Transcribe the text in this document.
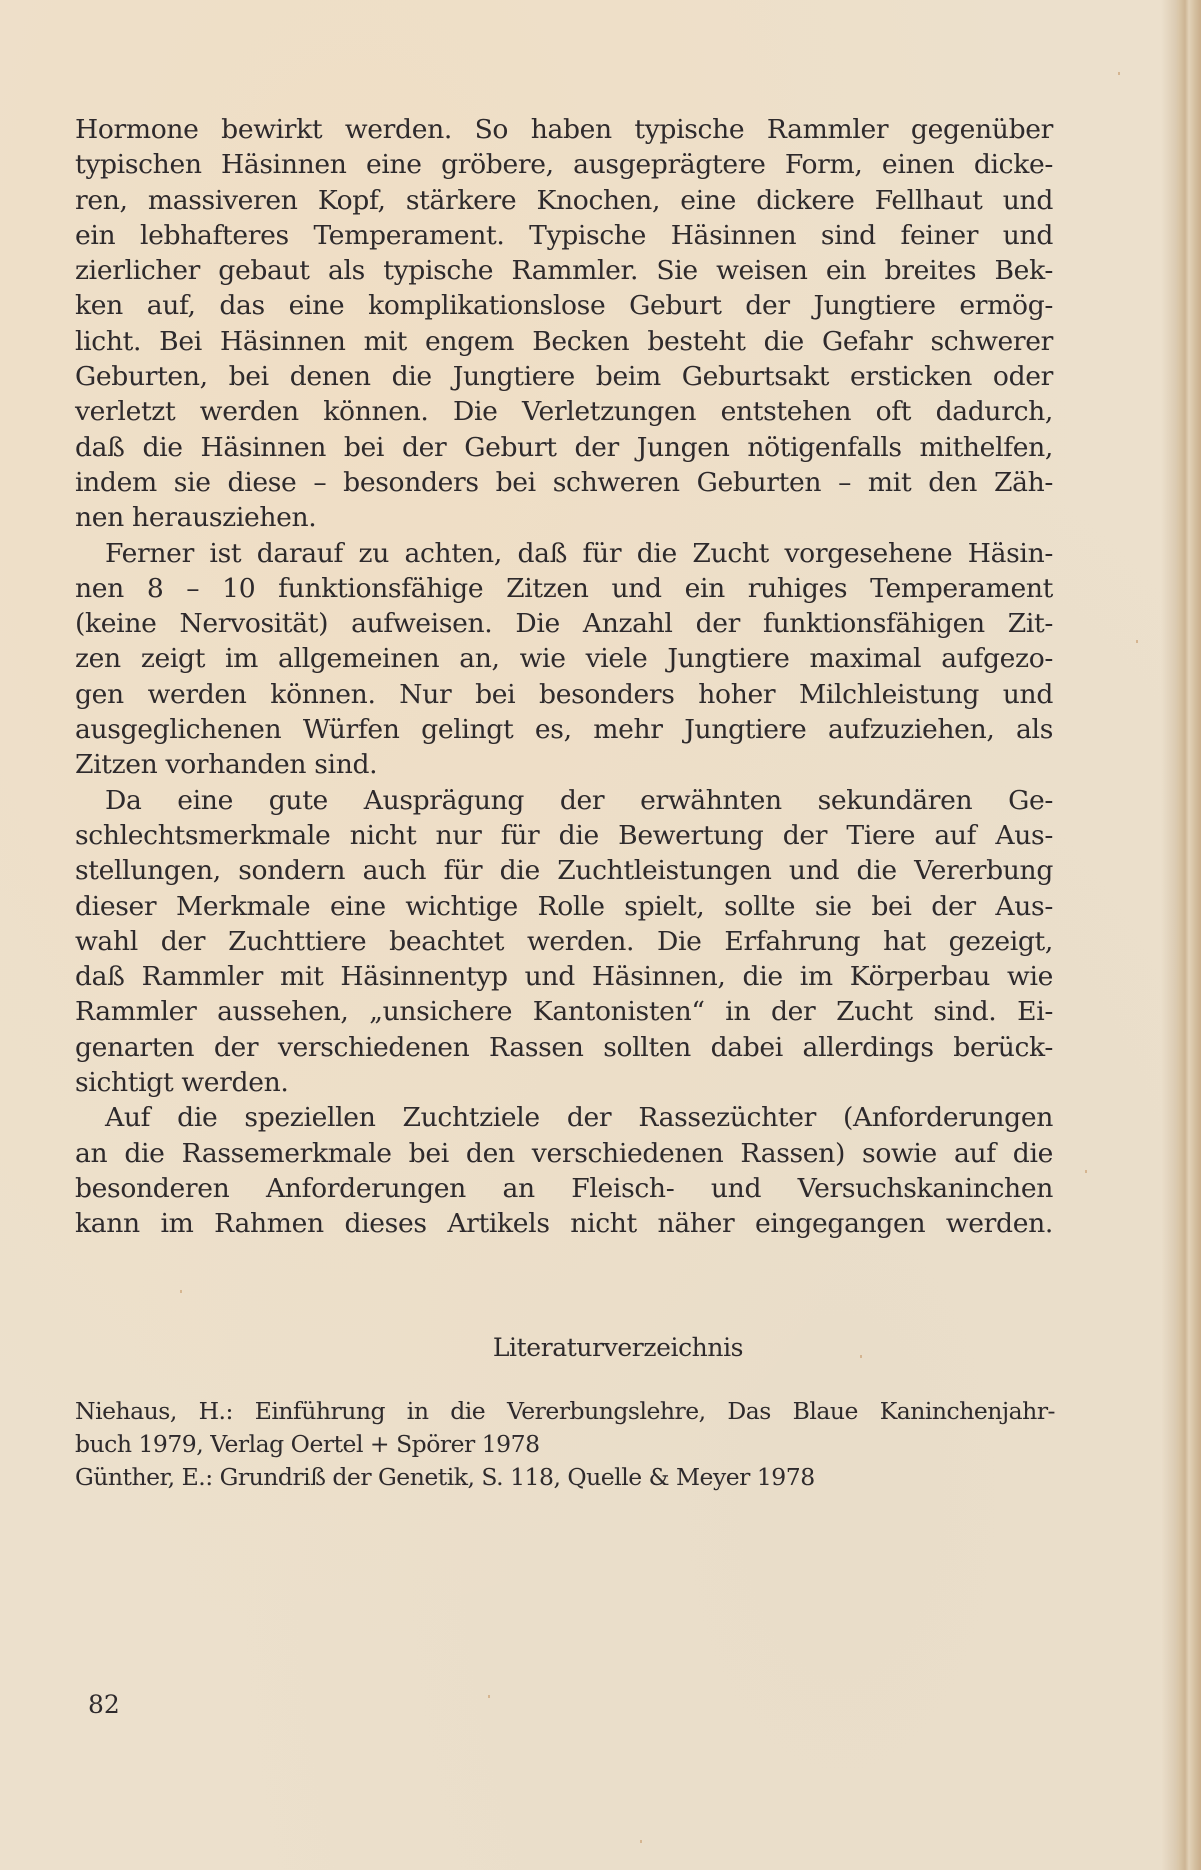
Hormone bewirkt werden. So haben typische Rammler gegenüber
typischen Häsinnen eine gröbere, ausgeprägtere Form, einen dicke-
ren, massiveren Kopf, stärkere Knochen, eine dickere Fellhaut und
ein lebhafteres Temperament. Typische Häsinnen sind feiner und
zierlicher gebaut als typische Rammler. Sie weisen ein breites Bek-
ken auf, das eine komplikationslose Geburt der Jungtiere ermög-
licht. Bei Häsinnen mit engem Becken besteht die Gefahr schwerer
Geburten, bei denen die Jungtiere beim Geburtsakt ersticken oder
verletzt werden können. Die Verletzungen entstehen oft dadurch,
daß die Häsinnen bei der Geburt der Jungen nötigenfalls mithelfen,
indem sie diese – besonders bei schweren Geburten – mit den Zäh-
nen herausziehen.
Ferner ist darauf zu achten, daß für die Zucht vorgesehene Häsin-
nen 8 – 10 funktionsfähige Zitzen und ein ruhiges Temperament
(keine Nervosität) aufweisen. Die Anzahl der funktionsfähigen Zit-
zen zeigt im allgemeinen an, wie viele Jungtiere maximal aufgezo-
gen werden können. Nur bei besonders hoher Milchleistung und
ausgeglichenen Würfen gelingt es, mehr Jungtiere aufzuziehen, als
Zitzen vorhanden sind.
Da eine gute Ausprägung der erwähnten sekundären Ge-
schlechtsmerkmale nicht nur für die Bewertung der Tiere auf Aus-
stellungen, sondern auch für die Zuchtleistungen und die Vererbung
dieser Merkmale eine wichtige Rolle spielt, sollte sie bei der Aus-
wahl der Zuchttiere beachtet werden. Die Erfahrung hat gezeigt,
daß Rammler mit Häsinnentyp und Häsinnen, die im Körperbau wie
Rammler aussehen, „unsichere Kantonisten“ in der Zucht sind. Ei-
genarten der verschiedenen Rassen sollten dabei allerdings berück-
sichtigt werden.
Auf die speziellen Zuchtziele der Rassezüchter (Anforderungen
an die Rassemerkmale bei den verschiedenen Rassen) sowie auf die
besonderen Anforderungen an Fleisch- und Versuchskaninchen
kann im Rahmen dieses Artikels nicht näher eingegangen werden.
Literaturverzeichnis
Niehaus, H.: Einführung in die Vererbungslehre, Das Blaue Kaninchenjahr-
buch 1979, Verlag Oertel + Spörer 1978
Günther, E.: Grundriß der Genetik, S. 118, Quelle & Meyer 1978
82
